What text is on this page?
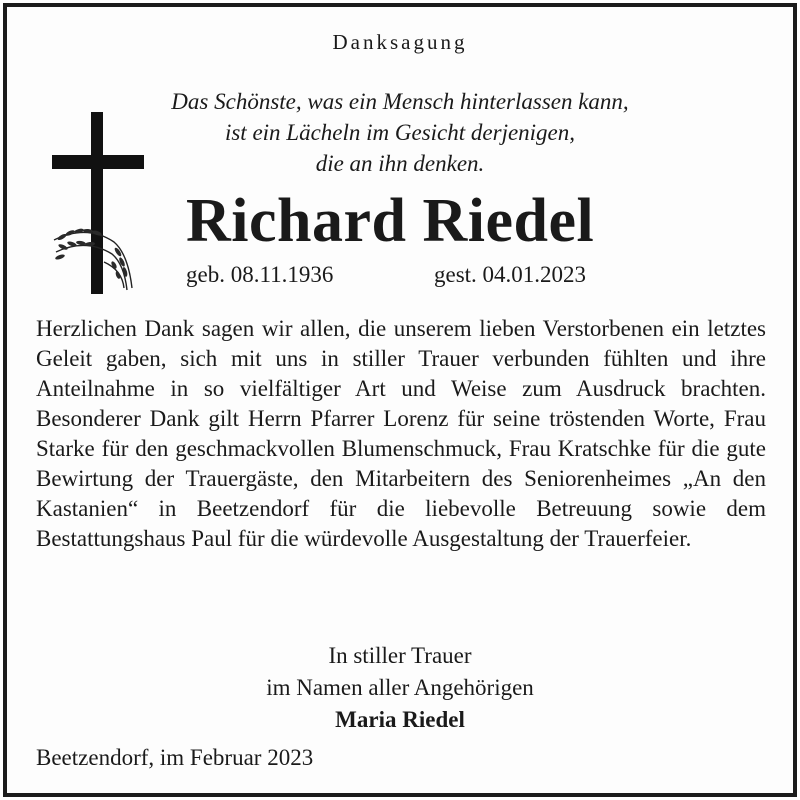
Danksagung
Das Schönste, was ein Mensch hinterlassen kann,
ist ein Lächeln im Gesicht derjenigen,
die an ihn denken.
Richard Riedel
geb. 08.11.1936	gest. 04.01.2023
Herzlichen Dank sagen wir allen, die unserem lieben Verstorbenen ein letztes Geleit gaben, sich mit uns in stiller Trauer verbunden fühlten und ihre Anteilnahme in so vielfältiger Art und Weise zum Ausdruck brachten. Besonderer Dank gilt Herrn Pfarrer Lorenz für seine tröstenden Worte, Frau Starke für den geschmackvollen Blumenschmuck, Frau Kratschke für die gute Bewirtung der Trauergäste, den Mitarbeitern des Seniorenheimes „An den Kastanien“ in Beetzendorf für die liebevolle Betreuung sowie dem Bestattungshaus Paul für die würdevolle Ausgestaltung der Trauerfeier.
In stiller Trauer
im Namen aller Angehörigen
Maria Riedel
Beetzendorf, im Februar 2023
